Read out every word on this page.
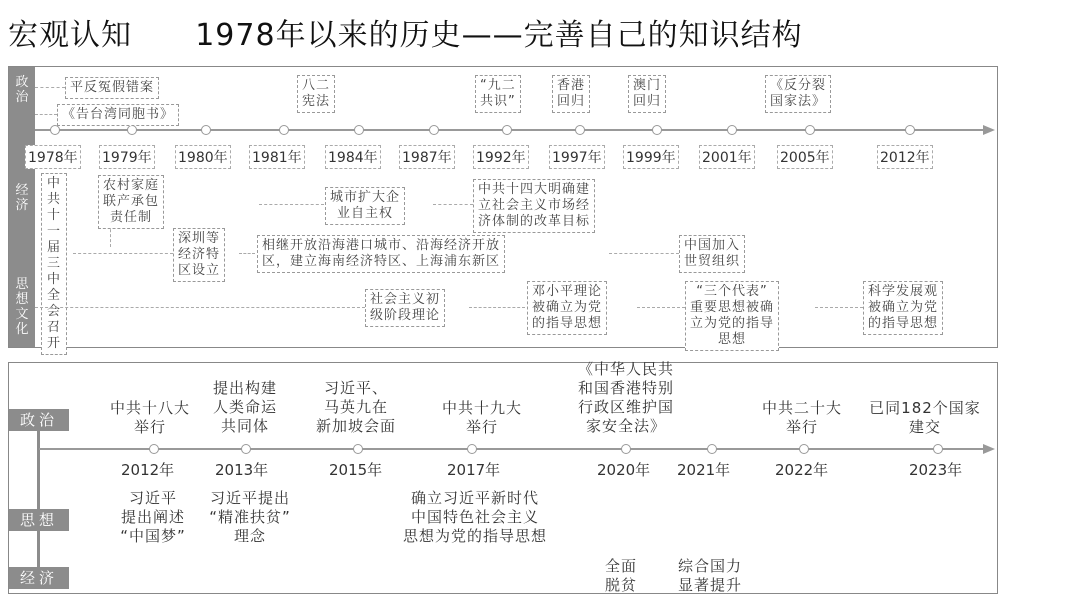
宏观认知      1978年以来的历史——完善自己的知识结构
政
治
经
济
思
想
文
化
1978年 1979年 1980年 1981年 1984年 1987年 1992年 1997年 1999年 2001年 2005年	2012年
平反冤假错案
《告台湾同胞书》
八二
宪法
“九二
共识”
香港
回归
澳门
回归
《反分裂
国家法》
中共
十一
届三
中全
会召
开
农村家庭
联产承包
责任制
深圳等
经济特
区设立
相继开放沿海港口城市、沿海经济开放
区，建立海南经济特区、上海浦东新区
城市扩大企
业自主权
中共十四大明确建
立社会主义市场经
济体制的改革目标
中国加入
世贸组织
社会主义初
级阶段理论
邓小平理论
被确立为党
的指导思想
“三个代表”
重要思想被确
立为党的指导
思想
科学发展观
被确立为党
的指导思想
政治
思想
经济
2012年	2013年	2015年	2017年	2020年 2021年	2022年	2023年
中共十八大
举行
提出构建
人类命运
共同体
习近平、
马英九在
新加坡会面
中共十九大
举行
《中华人民共
和国香港特别
行政区维护国
家安全法》
中共二十大
举行
已同182个国家
建交
习近平
提出阐述
“中国梦”
习近平提出
“精准扶贫”
理念
确立习近平新时代
中国特色社会主义
思想为党的指导思想
全面
脱贫
综合国力
显著提升
